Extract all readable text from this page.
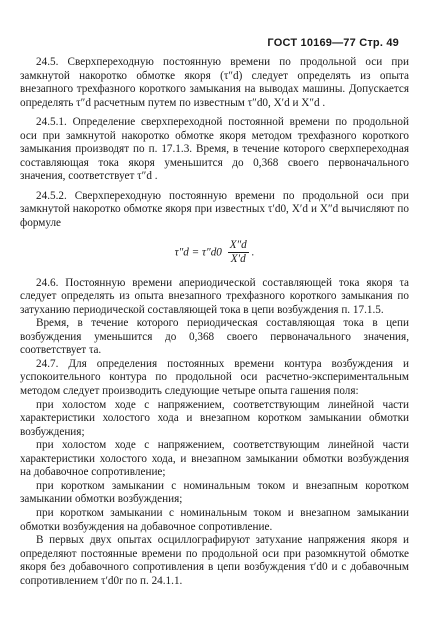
ГОСТ 10169—77 Стр. 49

24.5. Сверхпереходную постоянную времени по продольной оси при замкнутой накоротко обмотке якоря (τ″d) следует определять из опыта внезапного трехфазного короткого замыкания на выводах машины. Допускается определять τ″d расчетным путем по известным τ″d0, X′d и X″d .

24.5.1. Определение сверхпереходной постоянной времени по продольной оси при замкнутой накоротко обмотке якоря методом трехфазного короткого замыкания производят по п. 17.1.3. Время, в течение которого сверхпереходная составляющая тока якоря уменьшится до 0,368 своего первоначального значения, соответствует τ″d .

24.5.2. Сверхпереходную постоянную времени по продольной оси при замкнутой накоротко обмотке якоря при известных τ′d0, X′d и X″d вычисляют по формуле

$\tau''d = \tau''d0 \frac{X''d}{X'd}$ .

24.6. Постоянную времени апериодической составляющей тока якоря τa следует определять из опыта внезапного трехфазного короткого замыкания по затуханию периодической составляющей тока в цепи возбуждения п. 17.1.5.

Время, в течение которого периодическая составляющая тока в цепи возбуждения уменьшится до 0,368 своего первоначального значения, соответствует τa.

24.7. Для определения постоянных времени контура возбуждения и успокоительного контура по продольной оси расчетно-экспериментальным методом следует производить следующие четыре опыта гашения поля:

при холостом ходе с напряжением, соответствующим линейной части характеристики холостого хода и внезапном коротком замыкании обмотки возбуждения;

при холостом ходе с напряжением, соответствующим линейной части характеристики холостого хода, и внезапном замыкании обмотки возбуждения на добавочное сопротивление;

при коротком замыкании с номинальным током и внезапным коротком замыкании обмотки возбуждения;

при коротком замыкании с номинальным током и внезапном замыкании обмотки возбуждения на добавочное сопротивление.

В первых двух опытах осциллографируют затухание напряжения якоря и определяют постоянные времени по продольной оси при разомкнутой обмотке якоря без добавочного сопротивления в цепи возбуждения τ′d0 и с добавочным сопротивлением τ′d0r по п. 24.1.1.
